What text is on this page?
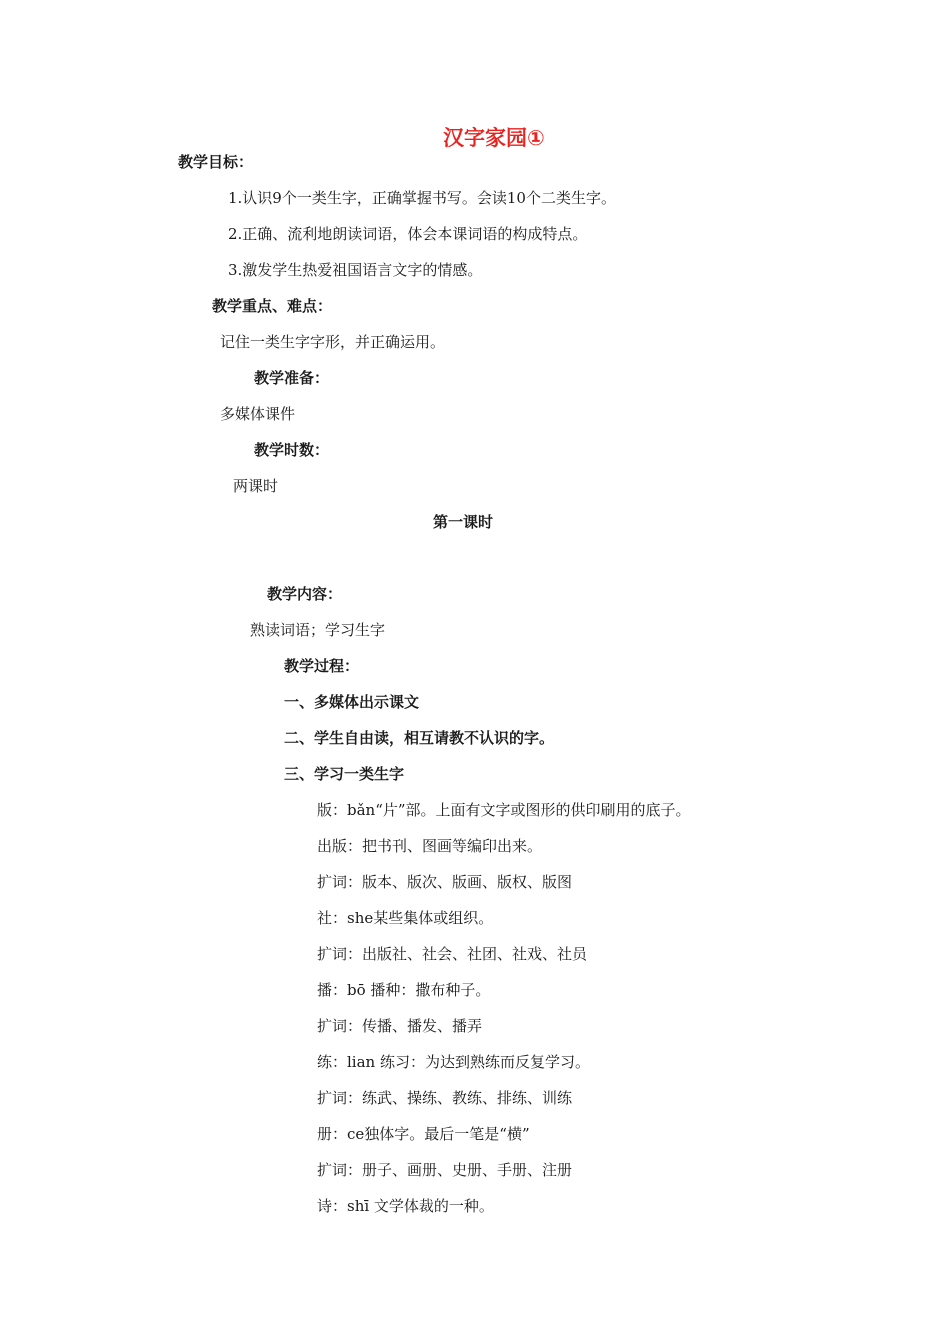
汉字家园①
教学目标：
1.认识9个一类生字，正确掌握书写。会读10个二类生字。
2.正确、流利地朗读词语，体会本课词语的构成特点。
3.激发学生热爱祖国语言文字的情感。
教学重点、难点：
记住一类生字字形，并正确运用。
教学准备：
多媒体课件
教学时数：
两课时
第一课时
教学内容：
熟读词语；学习生字
教学过程：
一、多媒体出示课文
二、学生自由读，相互请教不认识的字。
三、学习一类生字
版：bǎn“片”部。上面有文字或图形的供印刷用的底子。
出版：把书刊、图画等编印出来。
扩词：版本、版次、版画、版权、版图
社：she某些集体或组织。
扩词：出版社、社会、社团、社戏、社员
播：bō 播种：撒布种子。
扩词：传播、播发、播弄
练：lian 练习：为达到熟练而反复学习。
扩词：练武、操练、教练、排练、训练
册：ce独体字。最后一笔是“横”
扩词：册子、画册、史册、手册、注册
诗：shī 文学体裁的一种。
